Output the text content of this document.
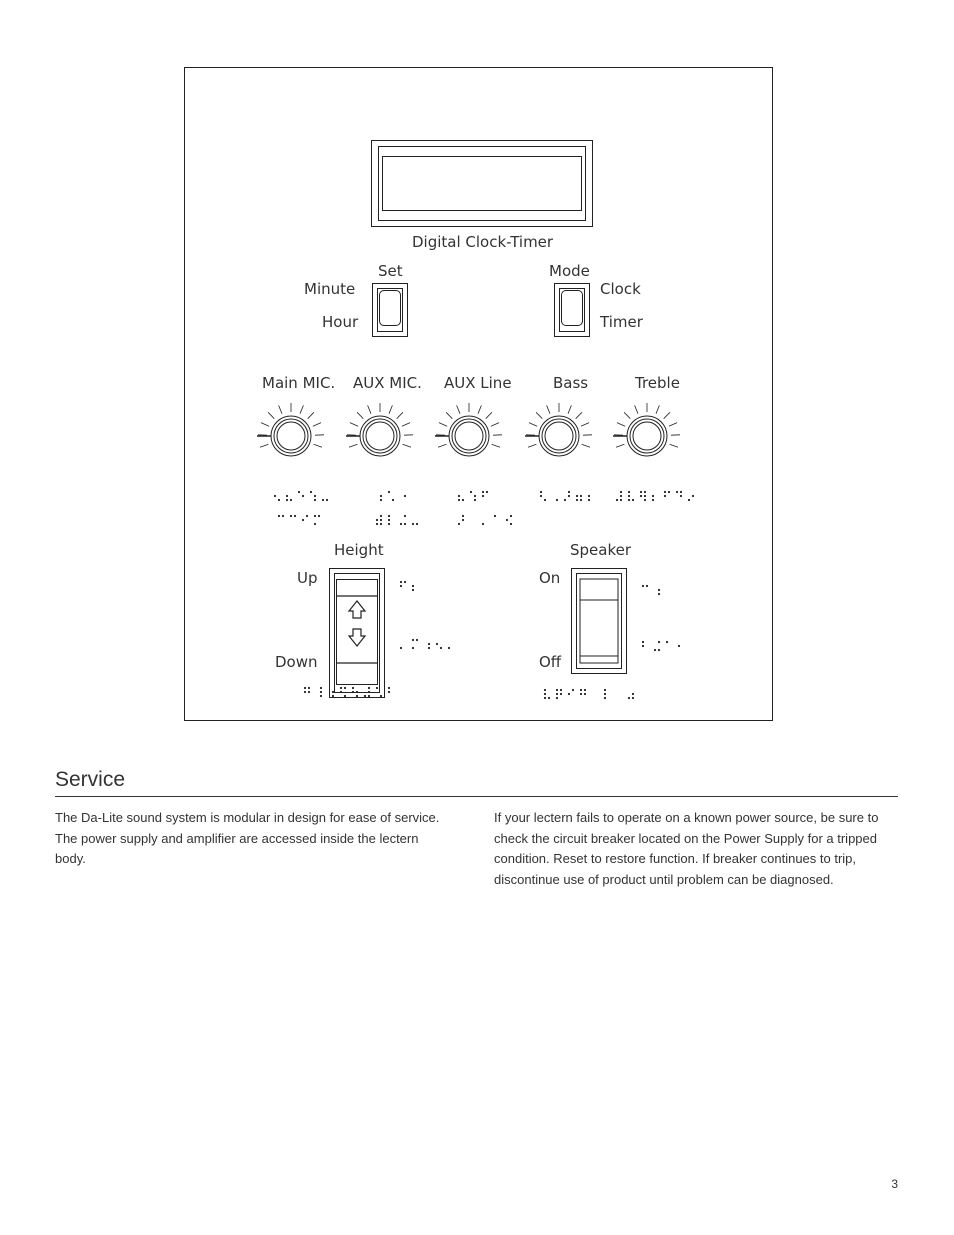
Digital Clock-Timer
Set
Minute
Hour
Mode
Clock
Timer
Main MIC. AUX MIC. AUX Line	Bass	Treble
Height
Up
Down
Speaker
On
Off
Service
The Da-Lite sound system is modular in design for ease of service. The power supply and amplifier are accessed inside the lectern body.
If your lectern fails to operate on a known power source, be sure to check the circuit breaker located on the Power Supply for a tripped condition. Reset to restore function. If breaker continues to trip, discontinue use of product until problem can be diagnosed.
3
